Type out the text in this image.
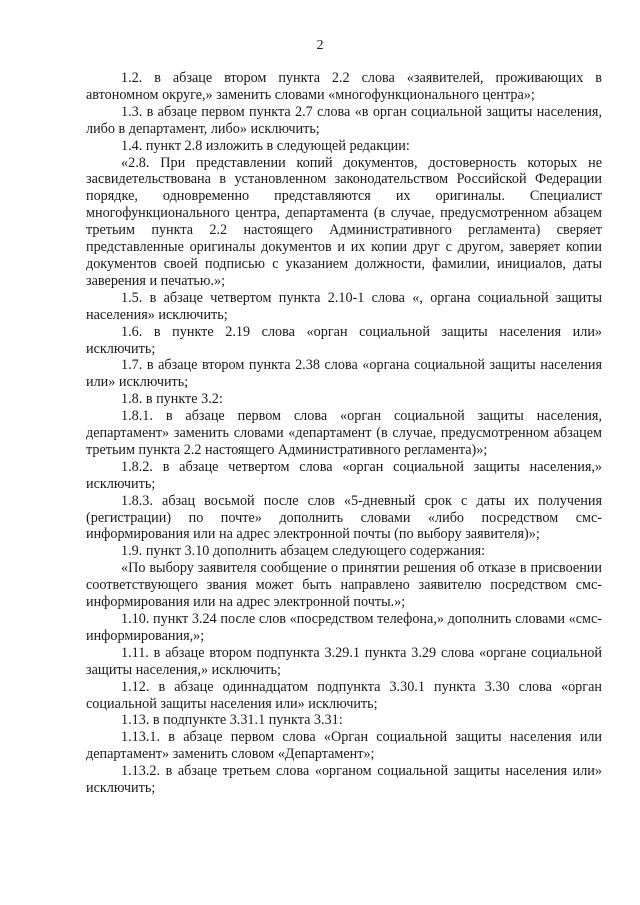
2

1.2. в абзаце втором пункта 2.2 слова «заявителей, проживающих в автономном округе,» заменить словами «многофункционального центра»;

1.3. в абзаце первом пункта 2.7 слова «в орган социальной защиты населения, либо в департамент, либо» исключить;

1.4. пункт 2.8 изложить в следующей редакции:

«2.8. При представлении копий документов, достоверность которых не засвидетельствована в установленном законодательством Российской Федерации порядке, одновременно представляются их оригиналы. Специалист многофункционального центра, департамента (в случае, предусмотренном абзацем третьим пункта 2.2 настоящего Административного регламента) сверяет представленные оригиналы документов и их копии друг с другом, заверяет копии документов своей подписью с указанием должности, фамилии, инициалов, даты заверения и печатью.»;

1.5. в абзаце четвертом пункта 2.10-1 слова «, органа социальной защиты населения» исключить;

1.6. в пункте 2.19 слова «орган социальной защиты населения или» исключить;

1.7. в абзаце втором пункта 2.38 слова «органа социальной защиты населения или» исключить;

1.8. в пункте 3.2:

1.8.1. в абзаце первом слова «орган социальной защиты населения, департамент» заменить словами «департамент (в случае, предусмотренном абзацем третьим пункта 2.2 настоящего Административного регламента)»;

1.8.2. в абзаце четвертом слова «орган социальной защиты населения,» исключить;

1.8.3. абзац восьмой после слов «5-дневный срок с даты их получения (регистрации) по почте» дополнить словами «либо посредством смс-информирования или на адрес электронной почты (по выбору заявителя)»;

1.9. пункт 3.10 дополнить абзацем следующего содержания:

«По выбору заявителя сообщение о принятии решения об отказе в присвоении соответствующего звания может быть направлено заявителю посредством смс-информирования или на адрес электронной почты.»;

1.10. пункт 3.24 после слов «посредством телефона,» дополнить словами «смс-информирования,»;

1.11. в абзаце втором подпункта 3.29.1 пункта 3.29 слова «органе социальной защиты населения,» исключить;

1.12. в абзаце одиннадцатом подпункта 3.30.1 пункта 3.30 слова «орган социальной защиты населения или» исключить;

1.13. в подпункте 3.31.1 пункта 3.31:

1.13.1. в абзаце первом слова «Орган социальной защиты населения или департамент» заменить словом «Департамент»;

1.13.2. в абзаце третьем слова «органом социальной защиты населения или» исключить;
